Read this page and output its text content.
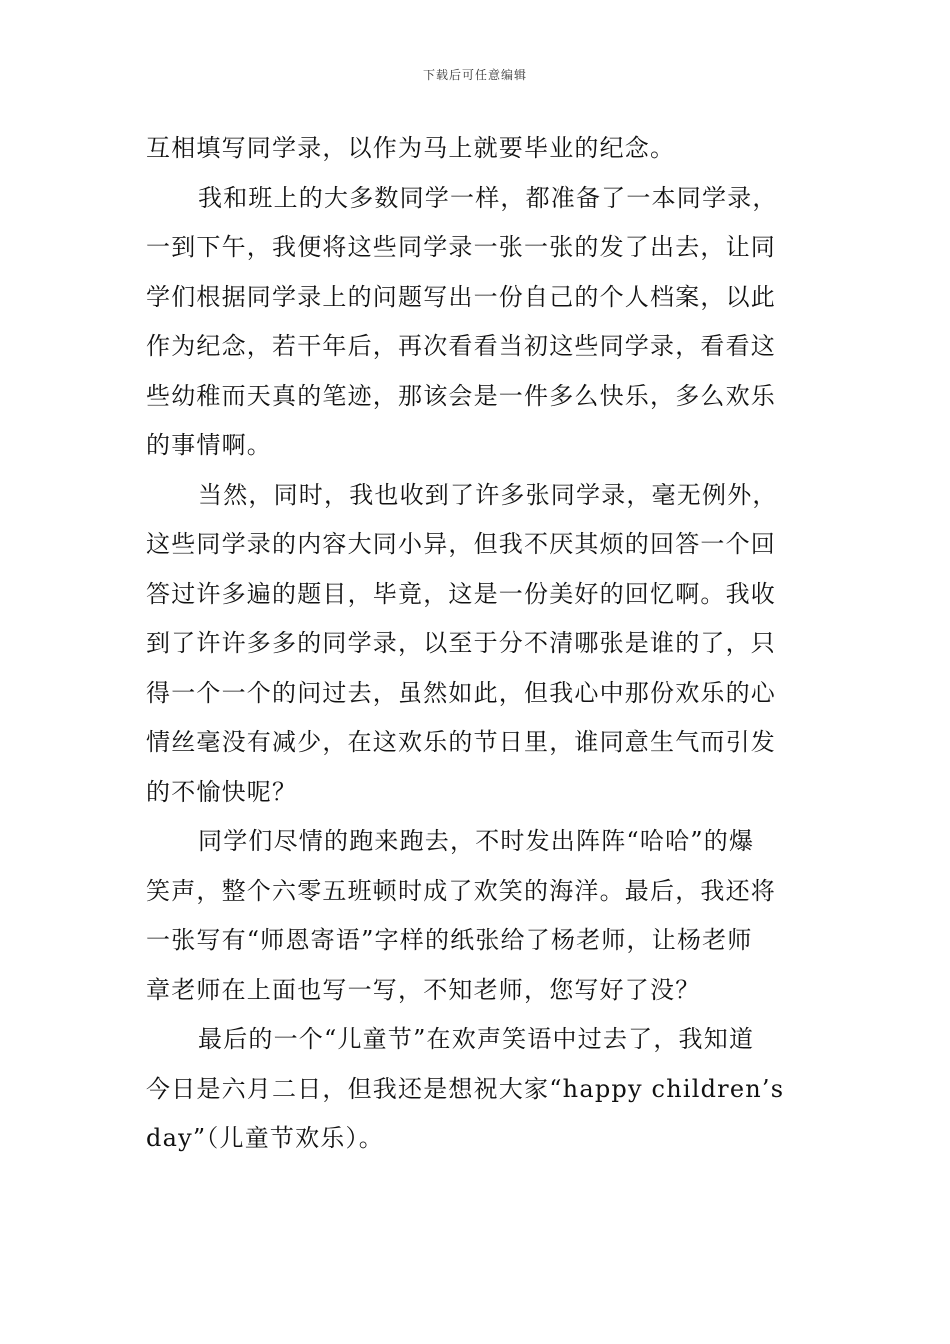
下载后可任意编辑
互相填写同学录，以作为马上就要毕业的纪念。
我和班上的大多数同学一样，都准备了一本同学录，
一到下午，我便将这些同学录一张一张的发了出去，让同
学们根据同学录上的问题写出一份自己的个人档案，以此
作为纪念，若干年后，再次看看当初这些同学录，看看这
些幼稚而天真的笔迹，那该会是一件多么快乐，多么欢乐
的事情啊。
当然，同时，我也收到了许多张同学录，毫无例外，
这些同学录的内容大同小异，但我不厌其烦的回答一个回
答过许多遍的题目，毕竟，这是一份美好的回忆啊。我收
到了许许多多的同学录，以至于分不清哪张是谁的了，只
得一个一个的问过去，虽然如此，但我心中那份欢乐的心
情丝毫没有减少，在这欢乐的节日里，谁同意生气而引发
的不愉快呢？
同学们尽情的跑来跑去，不时发出阵阵“哈哈”的爆
笑声，整个六零五班顿时成了欢笑的海洋。最后，我还将
一张写有“师恩寄语”字样的纸张给了杨老师，让杨老师
章老师在上面也写一写，不知老师，您写好了没？
最后的一个“儿童节”在欢声笑语中过去了，我知道
今日是六月二日，但我还是想祝大家“happy children’s
day”（儿童节欢乐）。
